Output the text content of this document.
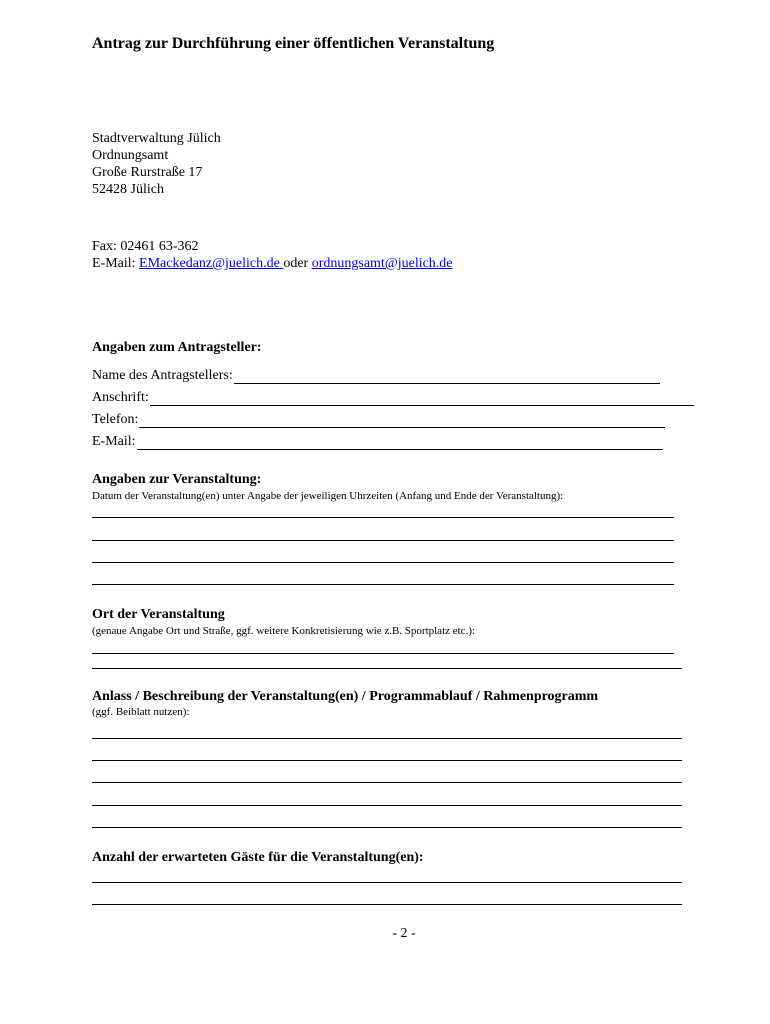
Antrag zur Durchführung einer öffentlichen Veranstaltung
Stadtverwaltung Jülich
Ordnungsamt
Große Rurstraße 17
52428 Jülich
Fax: 02461 63-362
E-Mail: EMackedanz@juelich.de oder ordnungsamt@juelich.de
Angaben zum Antragsteller:
Name des Antragstellers:
Anschrift:
Telefon:
E-Mail:
Angaben zur Veranstaltung:
Datum der Veranstaltung(en) unter Angabe der jeweiligen Uhrzeiten (Anfang und Ende der Veranstaltung):
Ort der Veranstaltung
(genaue Angabe Ort und Straße, ggf. weitere Konkretisierung wie z.B. Sportplatz etc.):
Anlass / Beschreibung der Veranstaltung(en) / Programmablauf / Rahmenprogramm
(ggf. Beiblatt nutzen):
Anzahl der erwarteten Gäste für die Veranstaltung(en):
- 2 -
